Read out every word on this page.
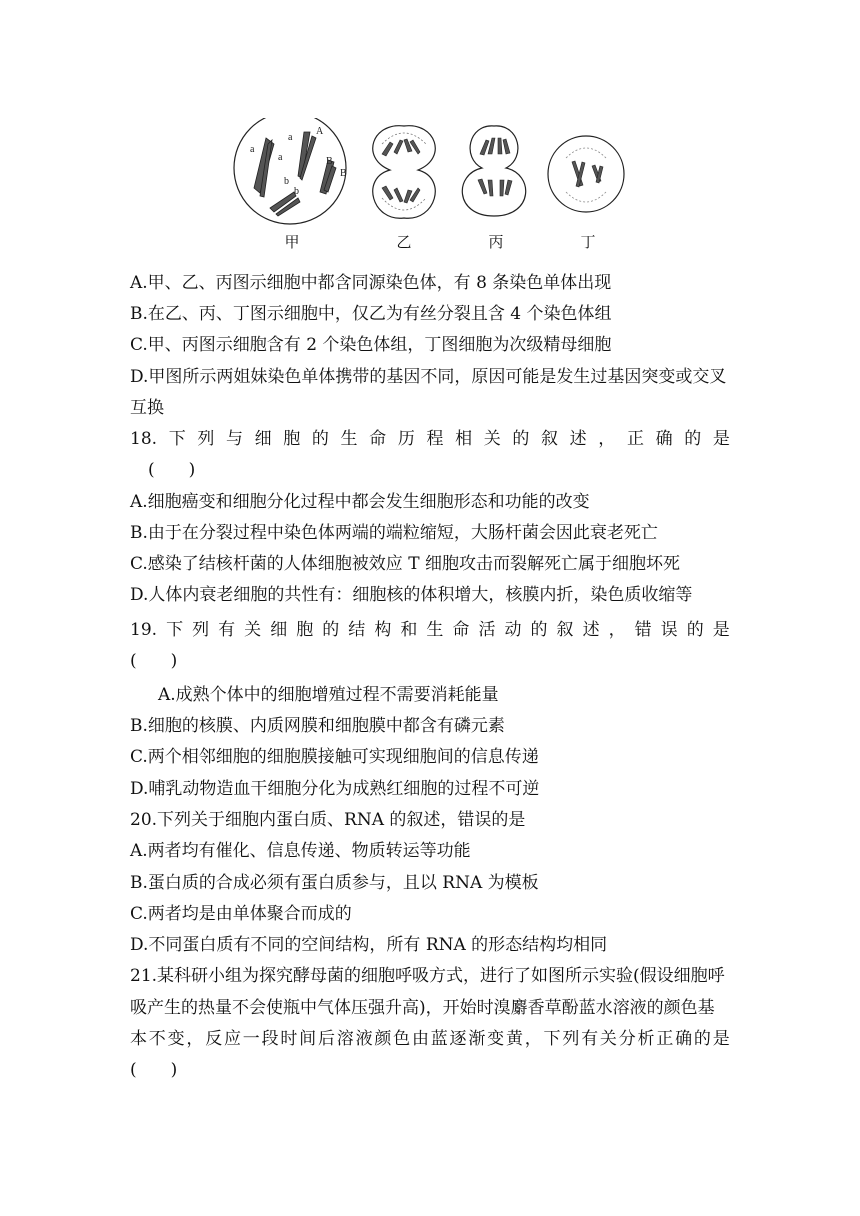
a
a
A
a
B
B
b
b
甲	乙	丙	丁
A.甲、乙、丙图示细胞中都含同源染色体，有 8 条染色单体出现
B.在乙、丙、丁图示细胞中，仅乙为有丝分裂且含 4 个染色体组
C.甲、丙图示细胞含有 2 个染色体组，丁图细胞为次级精母细胞
D.甲图所示两姐妹染色单体携带的基因不同，原因可能是发生过基因突变或交叉
互换
18. 下 列 与 细 胞 的 生 命 历 程 相 关 的 叙 述 ， 正 确 的 是
(　　)
A.细胞癌变和细胞分化过程中都会发生细胞形态和功能的改变
B.由于在分裂过程中染色体两端的端粒缩短，大肠杆菌会因此衰老死亡
C.感染了结核杆菌的人体细胞被效应 T 细胞攻击而裂解死亡属于细胞坏死
D.人体内衰老细胞的共性有：细胞核的体积增大，核膜内折，染色质收缩等
19. 下 列 有 关 细 胞 的 结 构 和 生 命 活 动 的 叙 述 ， 错 误 的 是
(　　)
A.成熟个体中的细胞增殖过程不需要消耗能量
B.细胞的核膜、内质网膜和细胞膜中都含有磷元素
C.两个相邻细胞的细胞膜接触可实现细胞间的信息传递
D.哺乳动物造血干细胞分化为成熟红细胞的过程不可逆
20.下列关于细胞内蛋白质、RNA 的叙述，错误的是
A.两者均有催化、信息传递、物质转运等功能
B.蛋白质的合成必须有蛋白质参与，且以 RNA 为模板
C.两者均是由单体聚合而成的
D.不同蛋白质有不同的空间结构，所有 RNA 的形态结构均相同
21.某科研小组为探究酵母菌的细胞呼吸方式，进行了如图所示实验(假设细胞呼
吸产生的热量不会使瓶中气体压强升高)，开始时溴麝香草酚蓝水溶液的颜色基
本 不 变 ， 反 应 一 段 时 间 后 溶 液 颜 色 由 蓝 逐 渐 变 黄 ， 下 列 有 关 分 析 正 确 的 是
(　　)
